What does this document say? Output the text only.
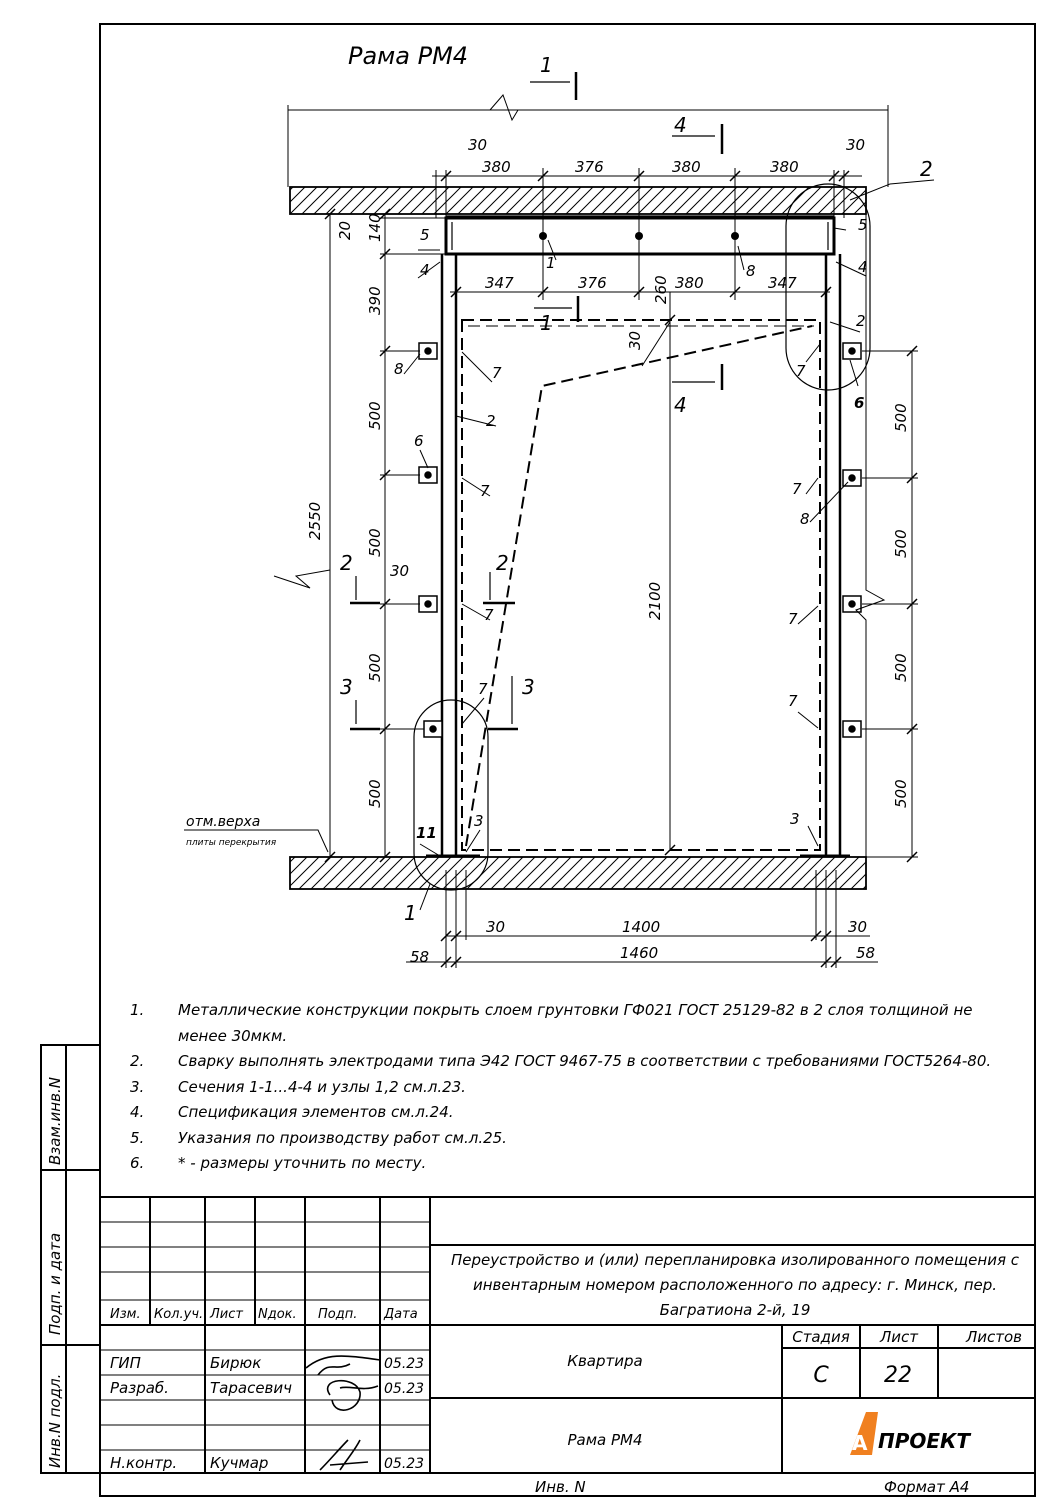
Взам.инв.N
Подп. и дата
Инв.N подл.
Рама РМ4
30
380	376	380	380
30
347	376	380	347
260
30
20 140
390
500
500
500
500
2550
2100
500
500
500
500
30	1400	30
58	1460	58
30
отм.верха
плиты перекрытия
1
4
1
4
2	2
3	3
2
1
5
5
4	4
2
2
8
6
6
7
7
7
7
7
7
7
7
1	8
8
3	3
11
Переустройство и (или) перепланировка изолированного помещения с
инвентарным номером расположенного по адресу: г. Минск, пер.
Багратиона 2-й, 19
Изм. Кол.уч. Лист Nдок. Подп. Дата
ГИП	Бирюк	05.23
Разраб.	Тарасевич	05.23
Н.контр. Кучмар	05.23
Квартира
Рама РМ4
Стадия Лист	Листов
С	22
Инв. N	Формат А4
А ПРОЕКТ
1.	Металлические конструкции покрыть слоем грунтовки ГФ021 ГОСТ 25129-82 в 2 слоя толщиной не менее 30мкм.
2.	Сварку выполнять электродами типа Э42 ГОСТ 9467-75 в соответствии с требованиями ГОСТ5264-80.
3.	Сечения 1-1...4-4 и узлы 1,2 см.л.23.
4.	Спецификация элементов см.л.24.
5.	Указания по производству работ см.л.25.
6.	* - размеры уточнить по месту.
